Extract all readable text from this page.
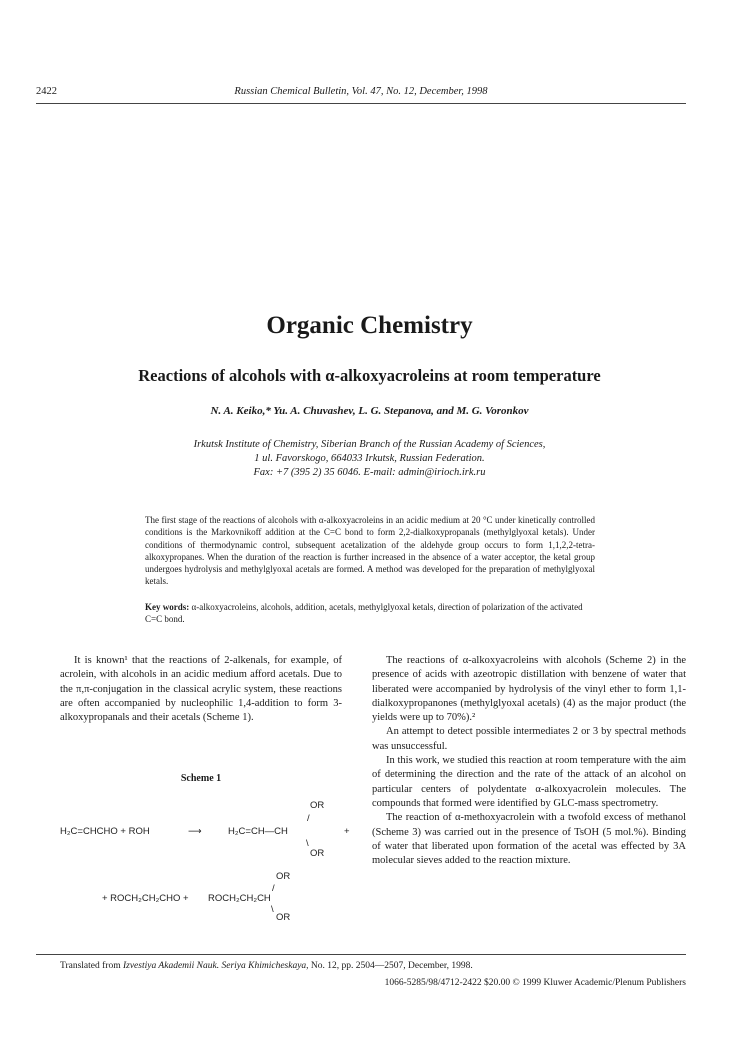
2422	Russian Chemical Bulletin, Vol. 47, No. 12, December, 1998
Organic Chemistry
Reactions of alcohols with α-alkoxyacroleins at room temperature
N. A. Keiko,* Yu. A. Chuvashev, L. G. Stepanova, and M. G. Voronkov
Irkutsk Institute of Chemistry, Siberian Branch of the Russian Academy of Sciences,
1 ul. Favorskogo, 664033 Irkutsk, Russian Federation.
Fax: +7 (395 2) 35 6046. E-mail: admin@irioch.irk.ru
The first stage of the reactions of alcohols with α-alkoxyacroleins in an acidic medium at 20 °C under kinetically controlled conditions is the Markovnikoff addition at the C=C bond to form 2,2-dialkoxypropanals (methylglyoxal ketals). Under conditions of thermodynamic control, subsequent acetalization of the aldehyde group occurs to form 1,1,2,2-tetra-alkoxypropanes. When the duration of the reaction is further increased in the absence of a water acceptor, the ketal group undergoes hydrolysis and methylglyoxal acetals are formed. A method was developed for the preparation of methylglyoxal ketals.
Key words: α-alkoxyacroleins, alcohols, addition, acetals, methylglyoxal ketals, direction of polarization of the activated C=C bond.

It is known¹ that the reactions of 2-alkenals, for example, of acrolein, with alcohols in an acidic medium afford acetals. Due to the π,π-conjugation in the classical acrylic system, these reactions are often accompanied by nucleophilic 1,4-addition to form 3-alkoxypropanals and their acetals (Scheme 1).

Scheme 1
H₂C=CHCHO + ROH	⟶	H₂C=CH—CH
OR
/
\
OR
+
OR
/
+ ROCH₂CH₂CHO + ROCH₂CH₂CH
\
OR

The reactions of α-alkoxyacroleins with alcohols (Scheme 2) in the presence of acids with azeotropic distillation with benzene of water that liberated were accompanied by hydrolysis of the vinyl ether to form 1,1-dialkoxypropanones (methylglyoxal acetals) (4) as the major product (the yields were up to 70%).²

An attempt to detect possible intermediates 2 or 3 by spectral methods was unsuccessful.

In this work, we studied this reaction at room temperature with the aim of determining the direction and the rate of the attack of an alcohol on particular centers of polydentate α-alkoxyacrolein molecules. The compounds that formed were identified by GLC-mass spectrometry.

The reaction of α-methoxyacrolein with a twofold excess of methanol (Scheme 3) was carried out in the presence of TsOH (5 mol.%). Binding of water that liberated upon formation of the acetal was effected by 3A molecular sieves added to the reaction mixture.

Translated from Izvestiya Akademii Nauk. Seriya Khimicheskaya, No. 12, pp. 2504—2507, December, 1998.
1066-5285/98/4712-2422 $20.00 © 1999 Kluwer Academic/Plenum Publishers
